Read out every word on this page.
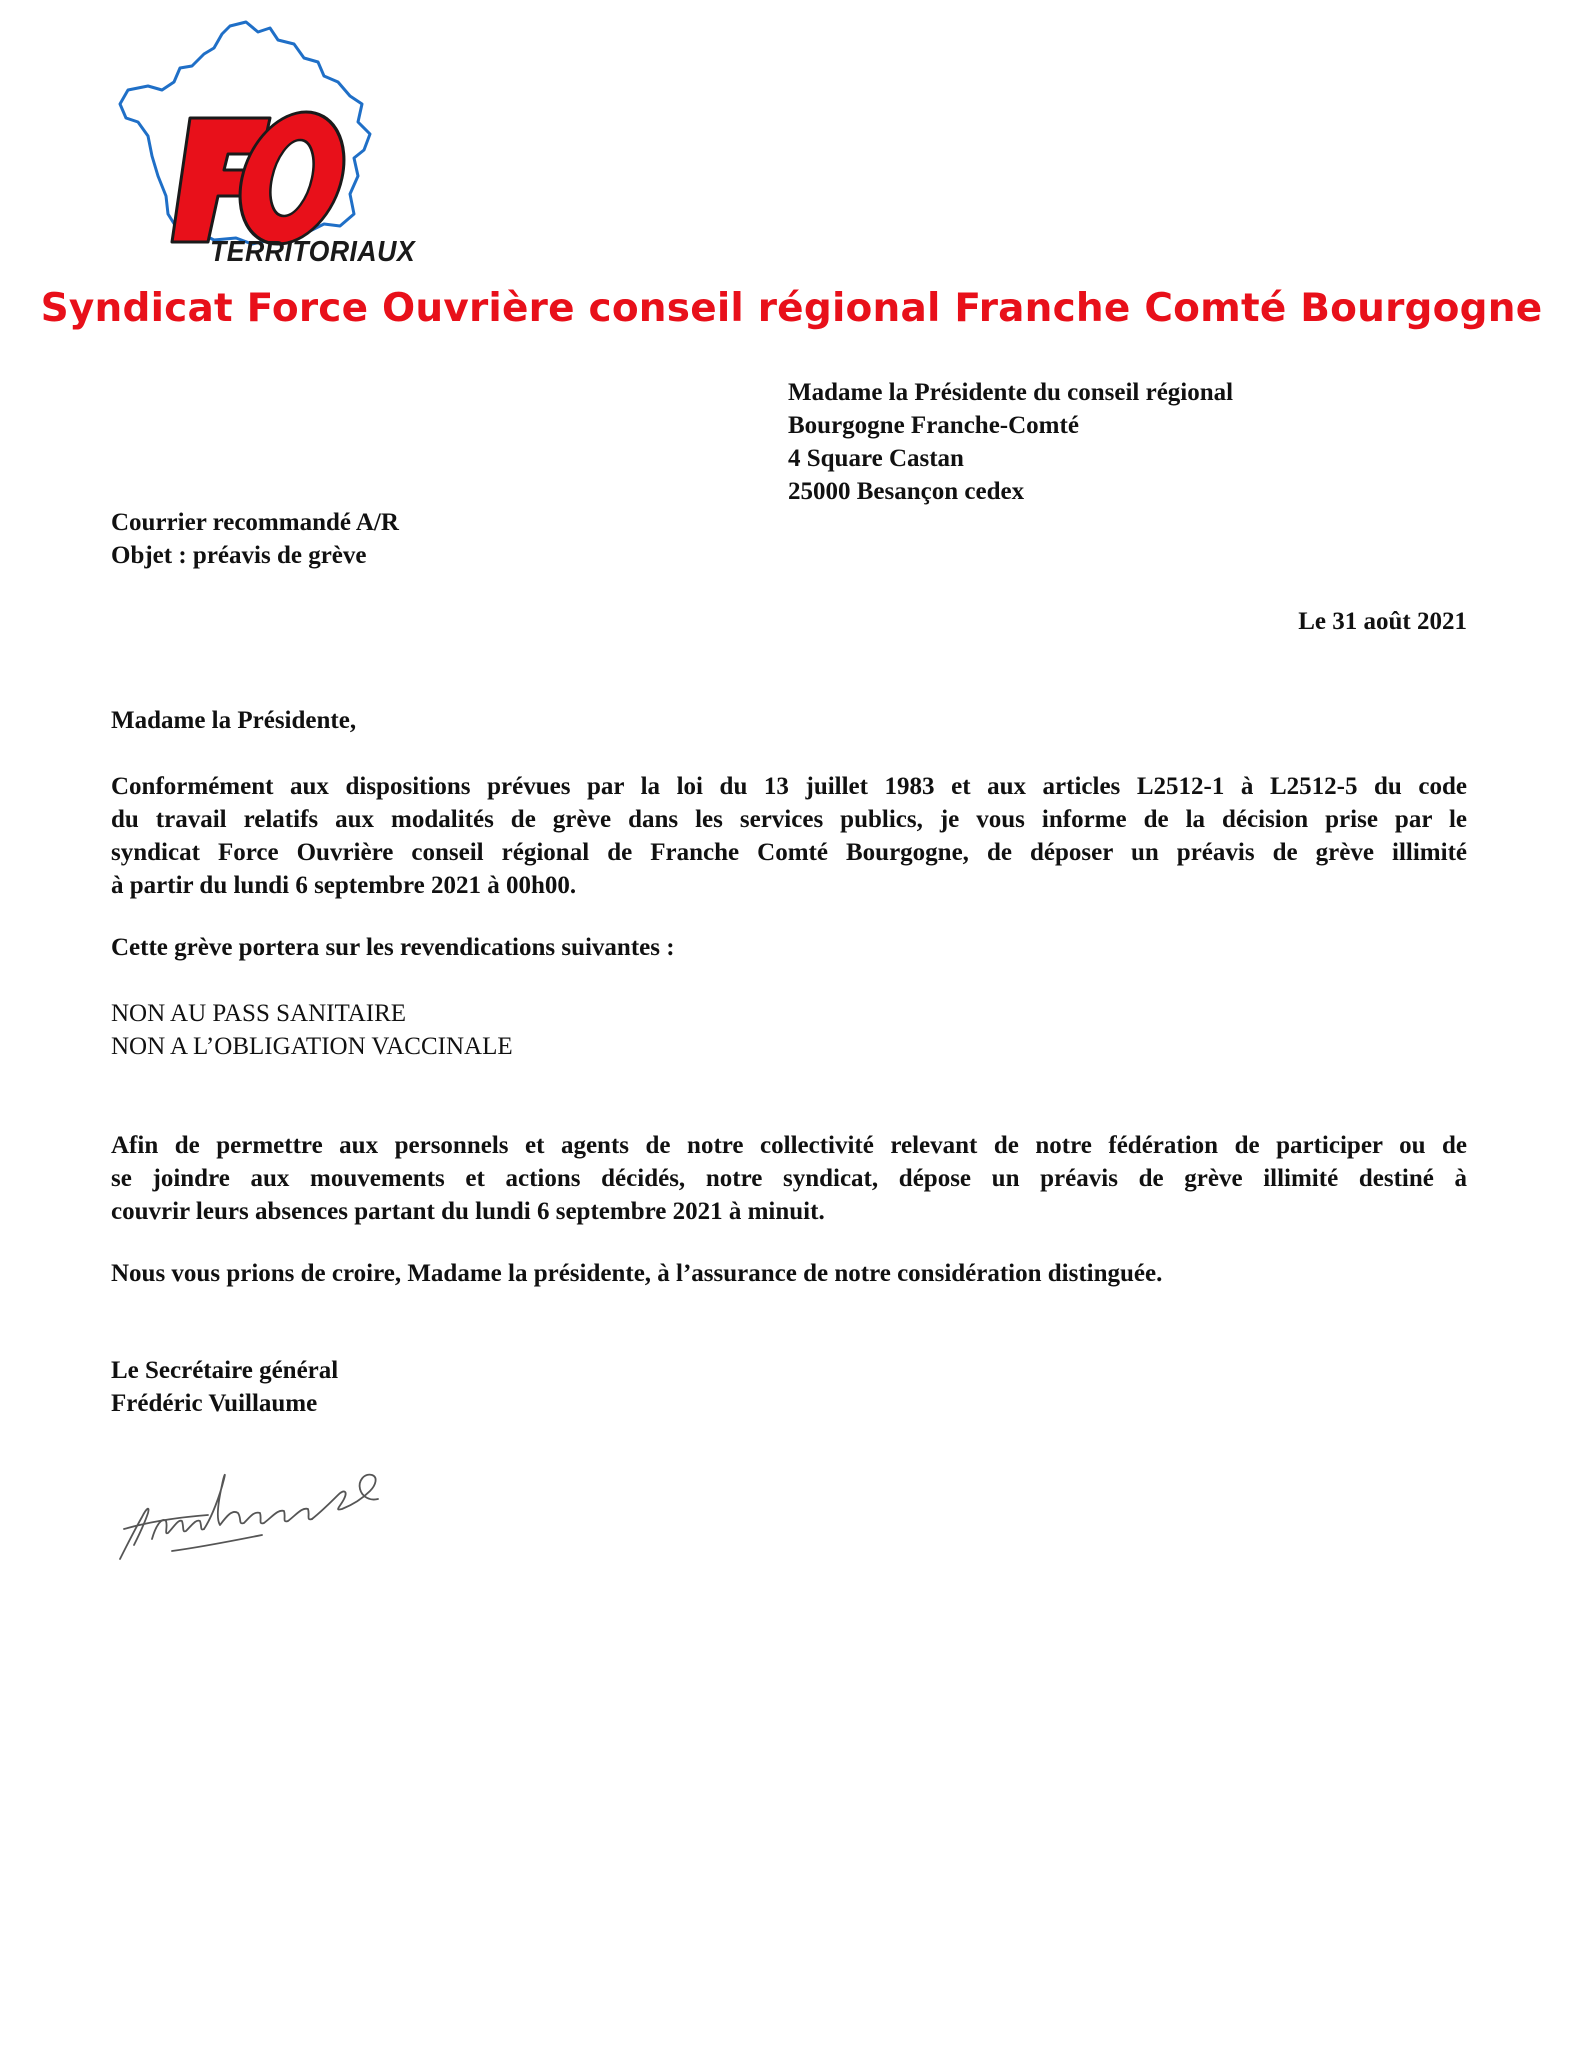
TERRITORIAUX
Syndicat Force Ouvrière conseil régional Franche Comté Bourgogne
Madame la Présidente du conseil régional
Bourgogne Franche-Comté
4 Square Castan
25000 Besançon cedex
Courrier recommandé A/R
Objet : préavis de grève
Le 31 août 2021
Madame la Présidente,
Conformément aux dispositions prévues par la loi du 13 juillet 1983 et aux articles L2512-1 à L2512-5 du code
du travail relatifs aux modalités de grève dans les services publics, je vous informe de la décision prise par le
syndicat Force Ouvrière conseil régional de Franche Comté Bourgogne, de déposer un préavis de grève illimité
à partir du lundi 6 septembre 2021 à 00h00.
Cette grève portera sur les revendications suivantes :
NON AU PASS SANITAIRE
NON A L’OBLIGATION VACCINALE
Afin de permettre aux personnels et agents de notre collectivité relevant de notre fédération de participer ou de
se joindre aux mouvements et actions décidés, notre syndicat, dépose un préavis de grève illimité destiné à
couvrir leurs absences partant du lundi 6 septembre 2021 à minuit.
Nous vous prions de croire, Madame la présidente, à l’assurance de notre considération distinguée.
Le Secrétaire général
Frédéric Vuillaume
